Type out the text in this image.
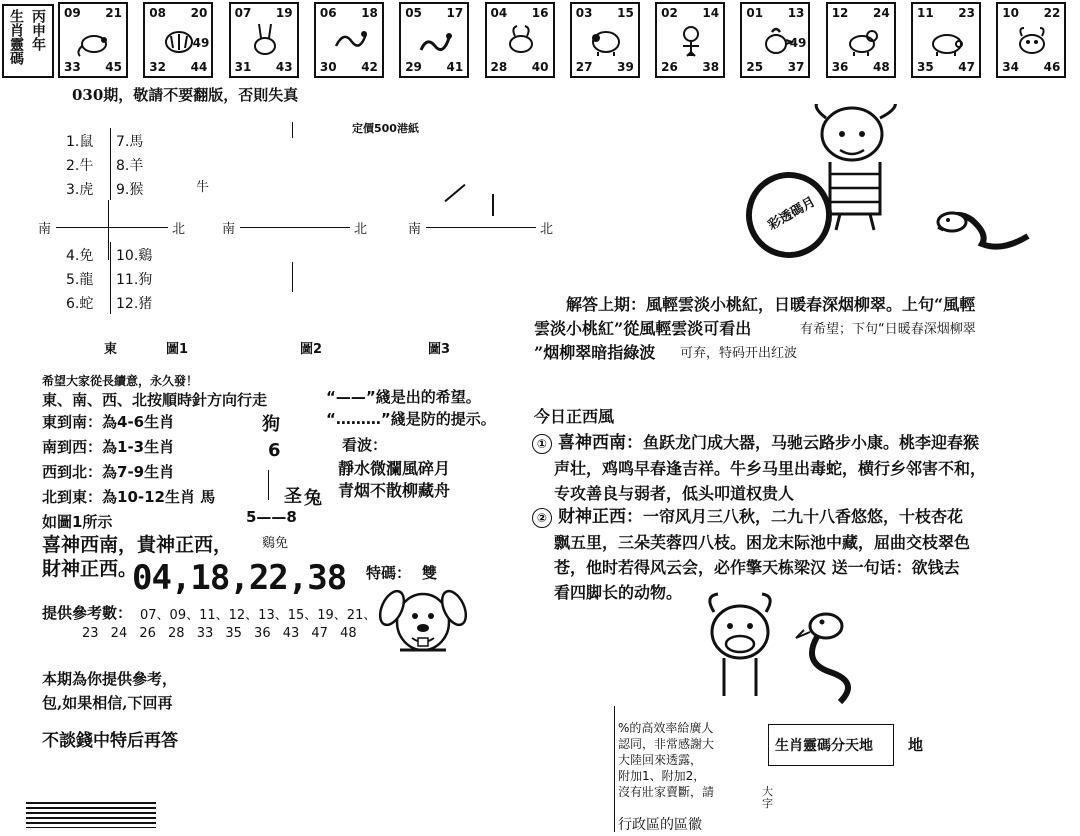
生肖靈碼 丙申年 09 21
33 45
08 20
32 44
49
07 19
31 43
06 18
30 42
05 17
29 41
04 16
28 40
03 15
27 39
02 14
26 38
01 13
25 37
49
12 24
36 48
11 23
35 47
10 22
34 46
030期，敬請不要翻版，否則失真
定價500港紙
1.鼠
2.牛
3.虎
7.馬
8.羊
9.猴	牛
南	北
4.免
5.龍
6.蛇
10.鷄
11.狗
12.猪
南	北	南	北
東	圖1	圖2	圖3
希望大家從長續意，永久發！
東、南、西、北按順時針方向行走
東到南：為4-6生肖
南到西：為1-3生肖
西到北：為7-9生肖
北到東：為10-12生肖 馬
如圖1所示
“——”綫是出的希望。
“………”綫是防的提示。
狗
6
圣 兔
5——8
鷄免
看波：
靜水微瀾風碎月
青烟不散柳藏舟
喜神西南，貴神正西，
財神正西。
04,18,22,38 特碼： 雙
提供參考數： 07、09、11、12、13、15、19、21、
23 24 26 28 33 35 36 43 47 48
本期為你提供參考，
包,如果相信,下回再
不談錢中特后再答
彩透碼月
解答上期：風輕雲淡小桃紅，日暖春深烟柳翠。上句“風輕
雲淡小桃紅”從風輕雲淡可看出	有希望；下句“日暖春深烟柳翠
”烟柳翠暗指綠波 可弃，特码开出红波
今日正西風
① 喜神西南：鱼跃龙门成大器，马驰云路步小康。桃李迎春猴
声壮，鸡鸣早春逢吉祥。牛乡马里出毒蛇，横行乡邻害不和，
专攻善良与弱者，低头叩道权贵人
② 财神正西：一帘风月三八秋，二九十八香悠悠，十枝杏花
飘五里，三朵芙蓉四八枝。困龙末际池中藏，屈曲交枝翠色
苍，他时若得风云会，必作擎天栋梁汉 送一句话：欲钱去
看四脚长的动物。
%的高效率給廣人
認同，非常感謝大
大陸回來透露，
附加1、附加2，
沒有壯家賣斷，請	大字
行政區的區徽
生肖靈碼分天地	地
